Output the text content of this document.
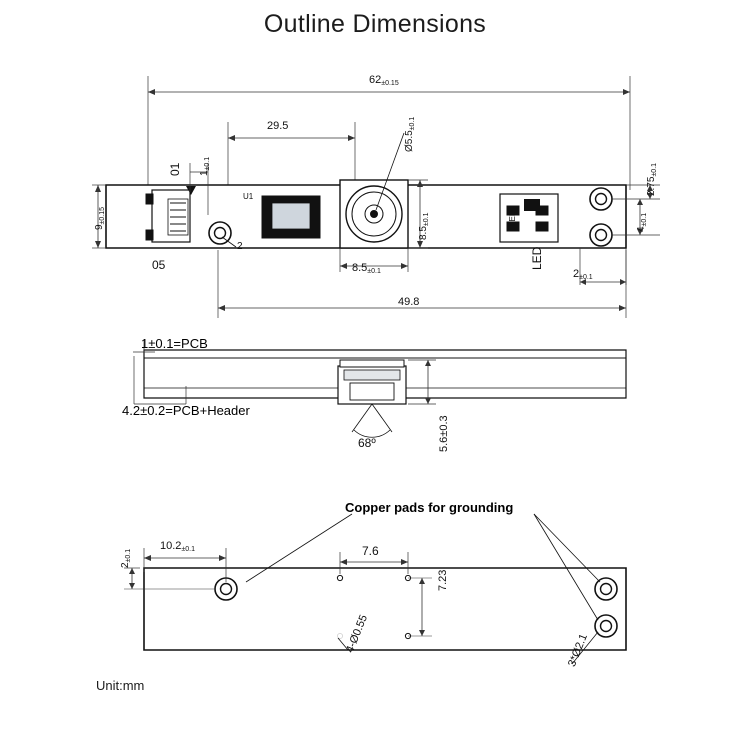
Outline Dimensions
$62_{\pm 0.15}$
29.5
$1_{\pm 0.1}$
$9_{\pm 0.15}$
$Ø5.5_{\pm 0.1}$
$8.5_{\pm 0.1}$
$8.5_{\pm 0.1}$
$2.75_{\pm 0.1}$
$4_{\pm 0.1}$
$2_{\pm 0.1}$
49.8
2
01
05	LED
LED
U1
1±0.1=PCB
4.2±0.2=PCB+Header
68º	5.6±0.3
Copper pads for grounding
$10.2_{\pm 0.1}$
$2_{\pm 0.1}$	7.6
7.23
4-Ø0.55	3*Ø2.1
Unit:mm
